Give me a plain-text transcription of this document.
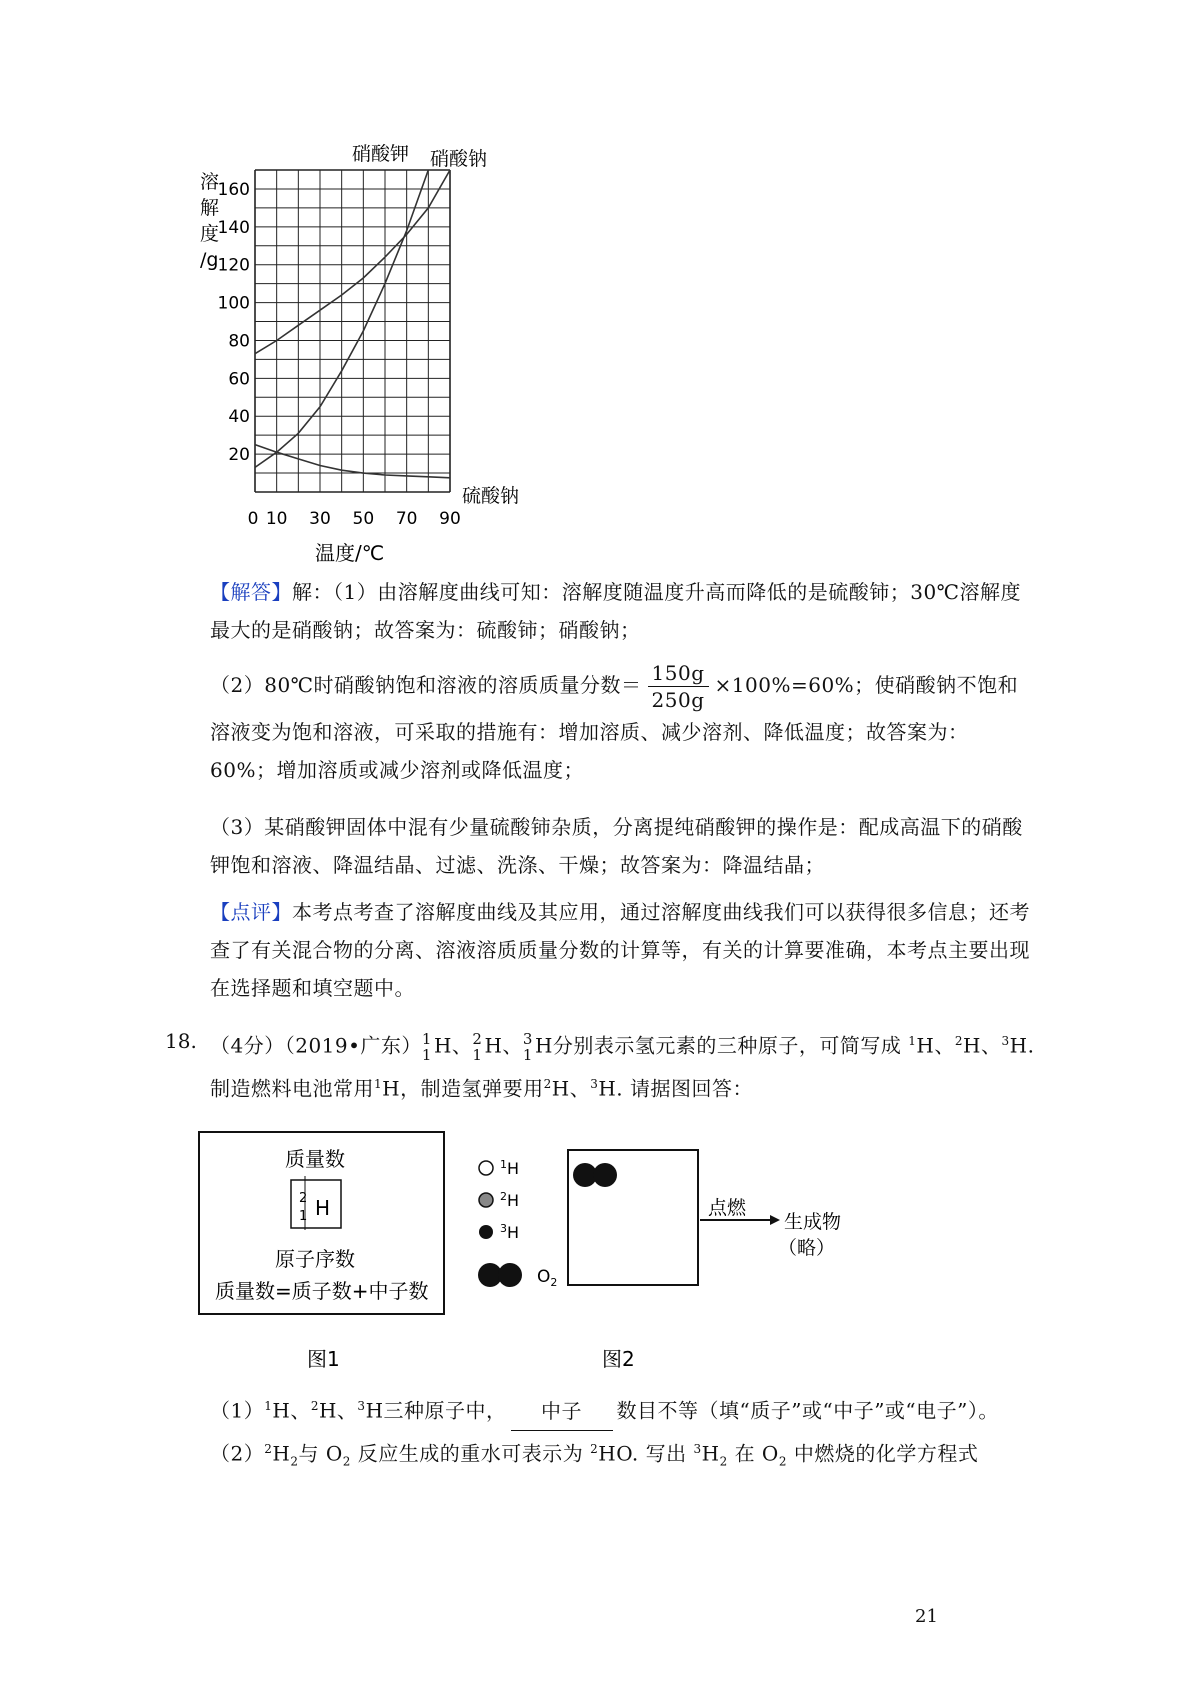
20
40
60
80
100
120
140
160
0 10 30 50 70 90
溶
解
度
/g
温度/℃
硝酸钾 硝酸钠
硫酸钠
【解答】解：（1）由溶解度曲线可知：溶解度随温度升高而降低的是硫酸铈；30℃溶解度最大的是硝酸钠；故答案为：硫酸铈；硝酸钠；
（2）80℃时硝酸钠饱和溶液的溶质质量分数＝ $\frac{150g}{250g} \times 100\%=60\%$；使硝酸钠不饱和溶液变为饱和溶液，可采取的措施有：增加溶质、减少溶剂、降低温度；故答案为：60%；增加溶质或减少溶剂或降低温度；
（3）某硝酸钾固体中混有少量硫酸铈杂质，分离提纯硝酸钾的操作是：配成高温下的硝酸钾饱和溶液、降温结晶、过滤、洗涤、干燥；故答案为：降温结晶；
【点评】本考点考查了溶解度曲线及其应用，通过溶解度曲线我们可以获得很多信息；还考查了有关混合物的分离、溶液溶质质量分数的计算等，有关的计算要准确，本考点主要出现在选择题和填空题中。
18. （4分）（2019•广东） 1
1 H、 2
1 H、 3
1 H分别表示氢元素的三种原子，可简写成 $^1$H、$^2$H、$^3$H. 制造燃料电池常用$^1$H，制造氢弹要用$^2$H、$^3$H. 请据图回答：
质量数
2
1 H
原子序数
质量数=质子数+中子数
图1
$^1$H
$^2$H
$^3$H
$O_2$
点燃
生成物
（略）
图2
$(1)^1H$、$^2$H、$^3$H三种原子中， 中子 数目不等（填“质子”或“中子”或“电子”）。
$(2)^2H_2$与 $O_2$ 反应生成的重水可表示为 $^2$HO. 写出 $^3H_2$ 在 $O_2$ 中燃烧的化学方程式
21
